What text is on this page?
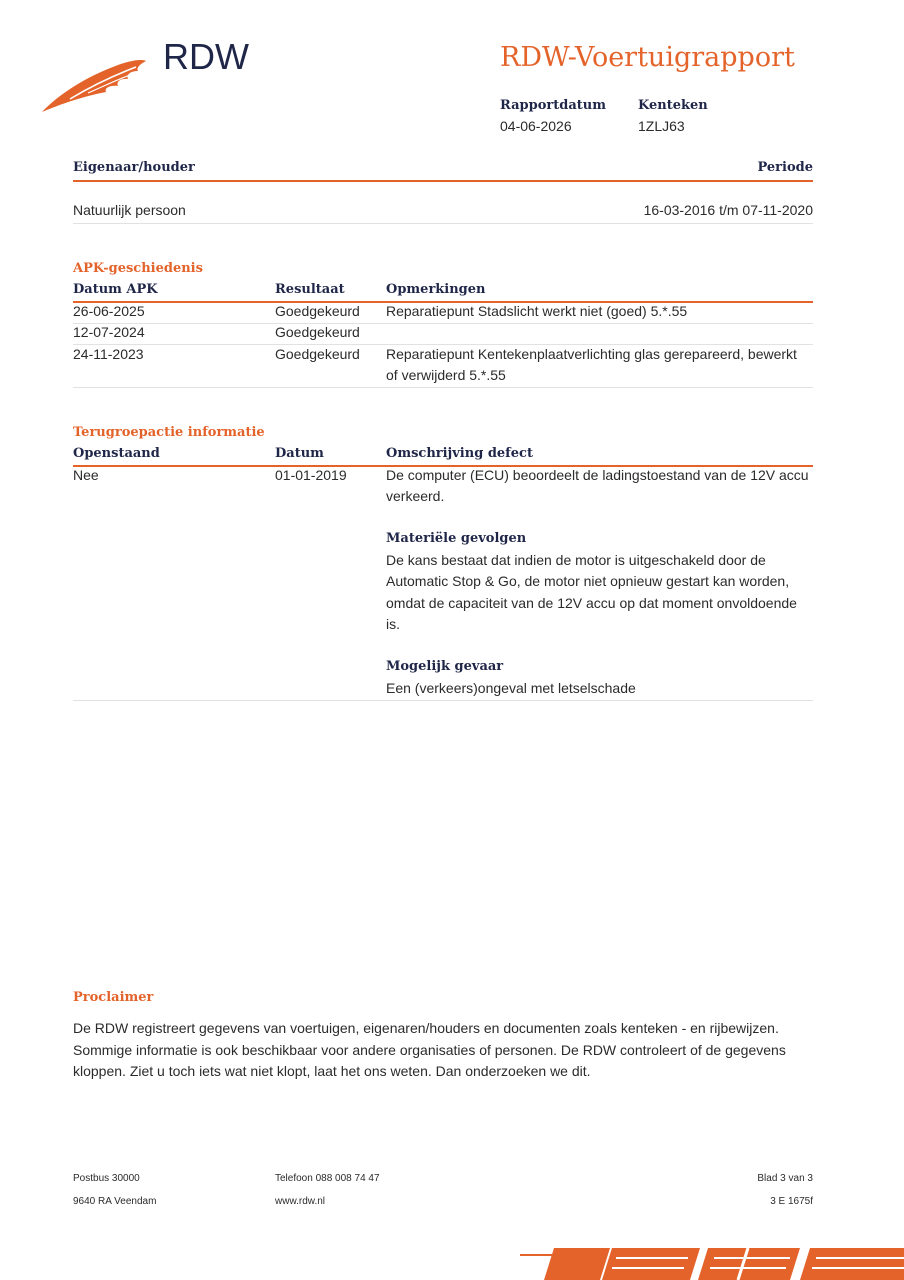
RDW	RDW-Voertuigrapport
Rapportdatum
04-06-2026
Kenteken
1ZLJ63
Eigenaar/houder	Periode
Natuurlijk persoon	16-03-2016 t/m 07-11-2020
APK-geschiedenis
Datum APK	Resultaat	Opmerkingen
26-06-2025	Goedgekeurd Reparatiepunt Stadslicht werkt niet (goed) 5.*.55
12-07-2024	Goedgekeurd
24-11-2023	Goedgekeurd Reparatiepunt Kentekenplaatverlichting glas gerepareerd, bewerkt
of verwijderd 5.*.55
Terugroepactie informatie
Openstaand	Datum	Omschrijving defect
Nee	01-01-2019	De computer (ECU) beoordeelt de ladingstoestand van de 12V accu
verkeerd.
Materiële gevolgen
De kans bestaat dat indien de motor is uitgeschakeld door de
Automatic Stop & Go, de motor niet opnieuw gestart kan worden,
omdat de capaciteit van de 12V accu op dat moment onvoldoende
is.
Mogelijk gevaar
Een (verkeers)ongeval met letselschade
Proclaimer
De RDW registreert gegevens van voertuigen, eigenaren/houders en documenten zoals kenteken - en rijbewijzen.
Sommige informatie is ook beschikbaar voor andere organisaties of personen. De RDW controleert of de gegevens
kloppen. Ziet u toch iets wat niet klopt, laat het ons weten. Dan onderzoeken we dit.
Postbus 30000
9640 RA Veendam
Telefoon 088 008 74 47
www.rdw.nl
Blad 3 van 3
3 E 1675f
